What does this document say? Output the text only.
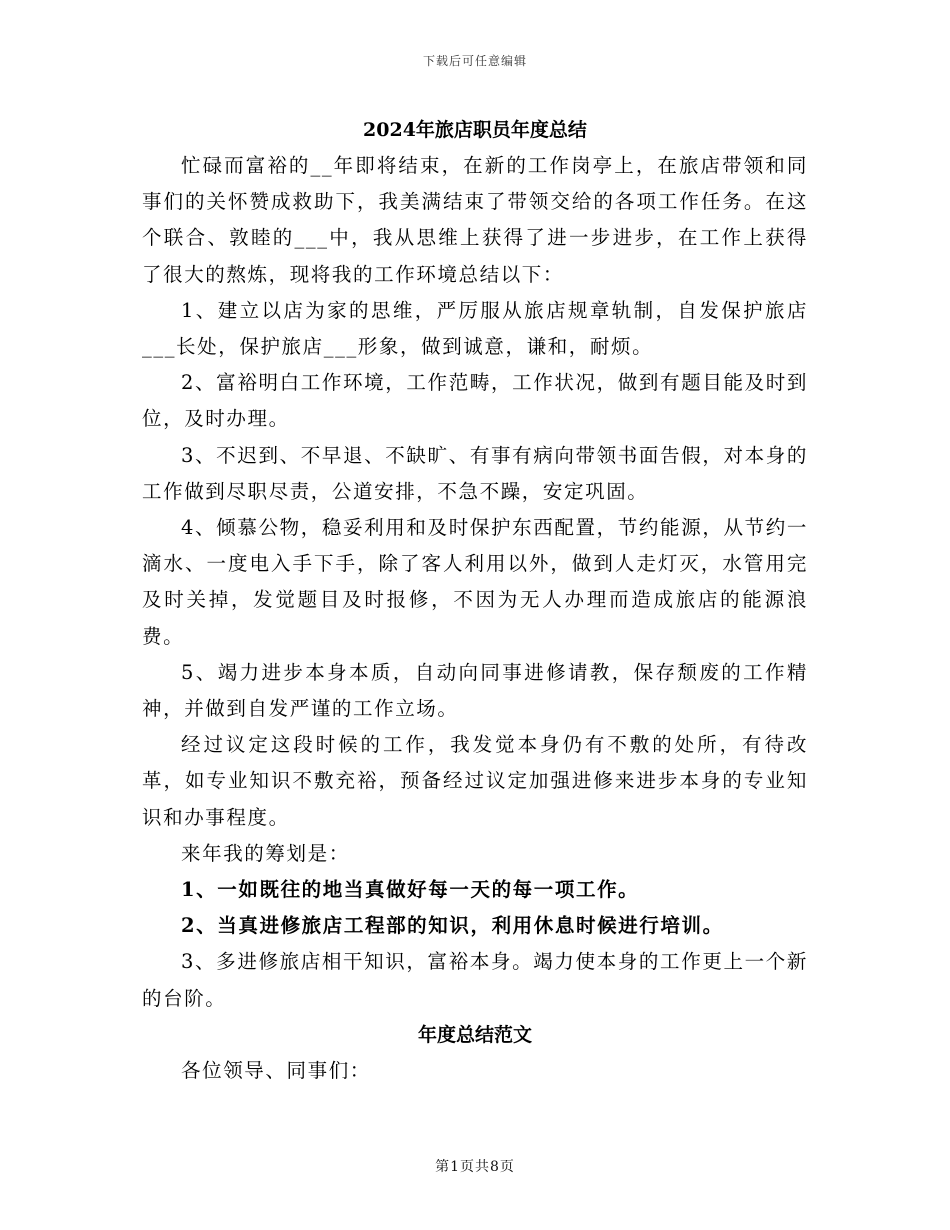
下载后可任意编辑
2024年旅店职员年度总结

忙碌而富裕的__年即将结束，在新的工作岗亭上，在旅店带领和同事们的关怀赞成救助下，我美满结束了带领交给的各项工作任务。在这个联合、敦睦的___中，我从思维上获得了进一步进步，在工作上获得了很大的熬炼，现将我的工作环境总结以下：

1、建立以店为家的思维，严厉服从旅店规章轨制，自发保护旅店___长处，保护旅店___形象，做到诚意，谦和，耐烦。

2、富裕明白工作环境，工作范畴，工作状况，做到有题目能及时到位，及时办理。

3、不迟到、不早退、不缺旷、有事有病向带领书面告假，对本身的工作做到尽职尽责，公道安排，不急不躁，安定巩固。

4、倾慕公物，稳妥利用和及时保护东西配置，节约能源，从节约一滴水、一度电入手下手，除了客人利用以外，做到人走灯灭，水管用完及时关掉，发觉题目及时报修，不因为无人办理而造成旅店的能源浪费。

5、竭力进步本身本质，自动向同事进修请教，保存颓废的工作精神，并做到自发严谨的工作立场。

经过议定这段时候的工作，我发觉本身仍有不敷的处所，有待改革，如专业知识不敷充裕，预备经过议定加强进修来进步本身的专业知识和办事程度。

来年我的筹划是：

1、一如既往的地当真做好每一天的每一项工作。

2、当真进修旅店工程部的知识，利用休息时候进行培训。

3、多进修旅店相干知识，富裕本身。竭力使本身的工作更上一个新的台阶。

年度总结范文

各位领导、同事们：

第1页共8页
